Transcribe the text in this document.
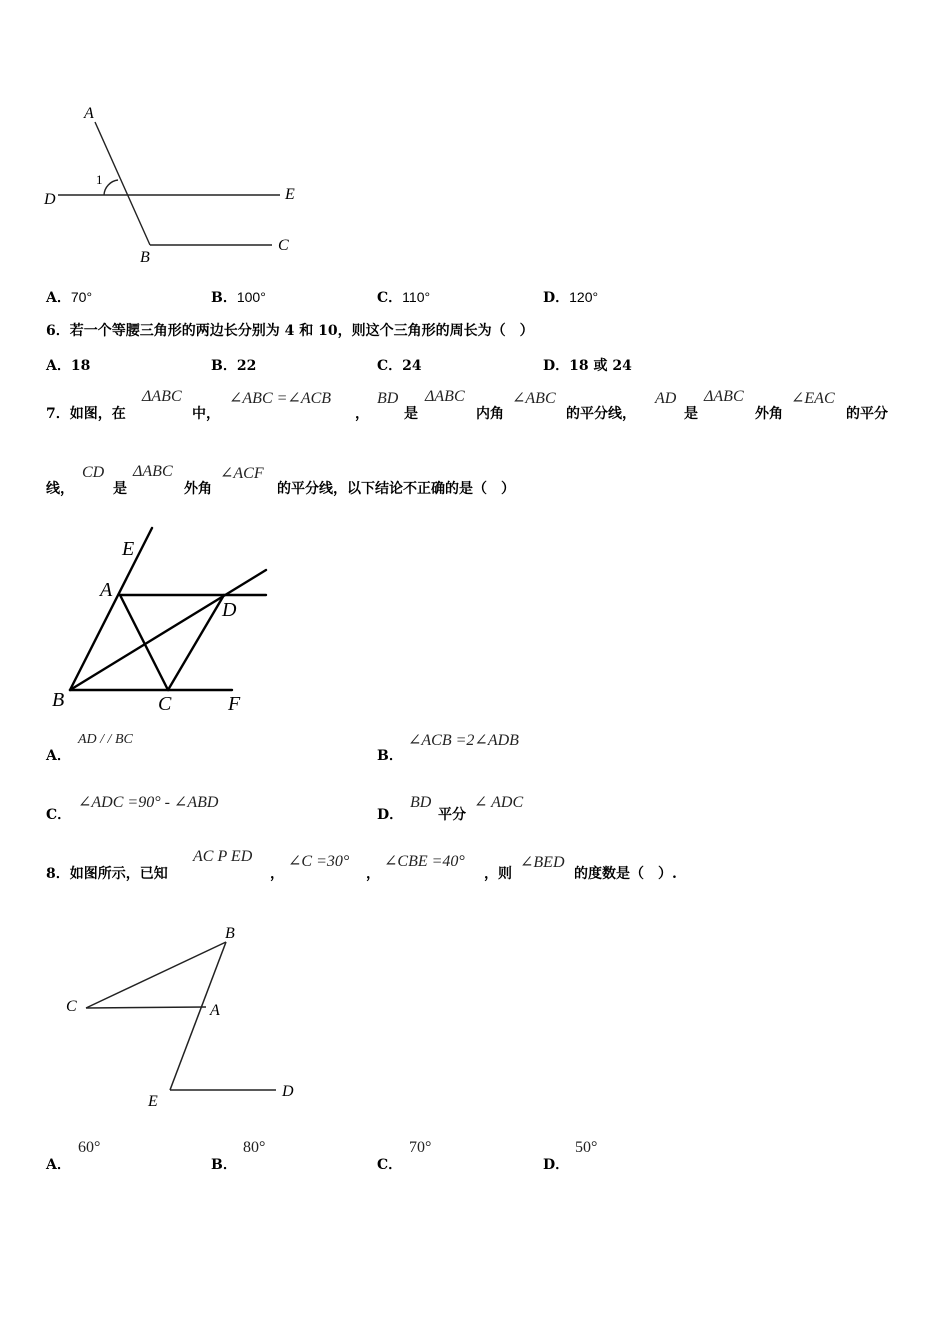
A
D	E
B
C
1
A．70°	B．100°	C．110°	D．120°
6．若一个等腰三角形的两边长分别为 4 和 10，则这个三角形的周长为（　）
A．18	B．22	C．24	D．18 或 24
7．如图，在
ΔABC
中，
∠ABC =∠ACB
，
BD
是
ΔABC
内角
∠ABC
的平分线，
AD
是
ΔABC
外角
∠EAC
的平分
线，
CD
是
ΔABC
外角
∠ACF
的平分线，以下结论不正确的是（　）
E
A
D
B	C	F
A．
AD / / BC
B．
∠ACB =2∠ADB
C．
∠ADC =90° - ∠ABD
D．
BD
平分
∠ ADC
8．如图所示，已知
AC P ED
，
∠C =30°
，
∠CBE =40°
，则
∠BED
的度数是（　）.
B
C	A
E
D
A．
60°
B．
80°
C．
70°
D．
50°
